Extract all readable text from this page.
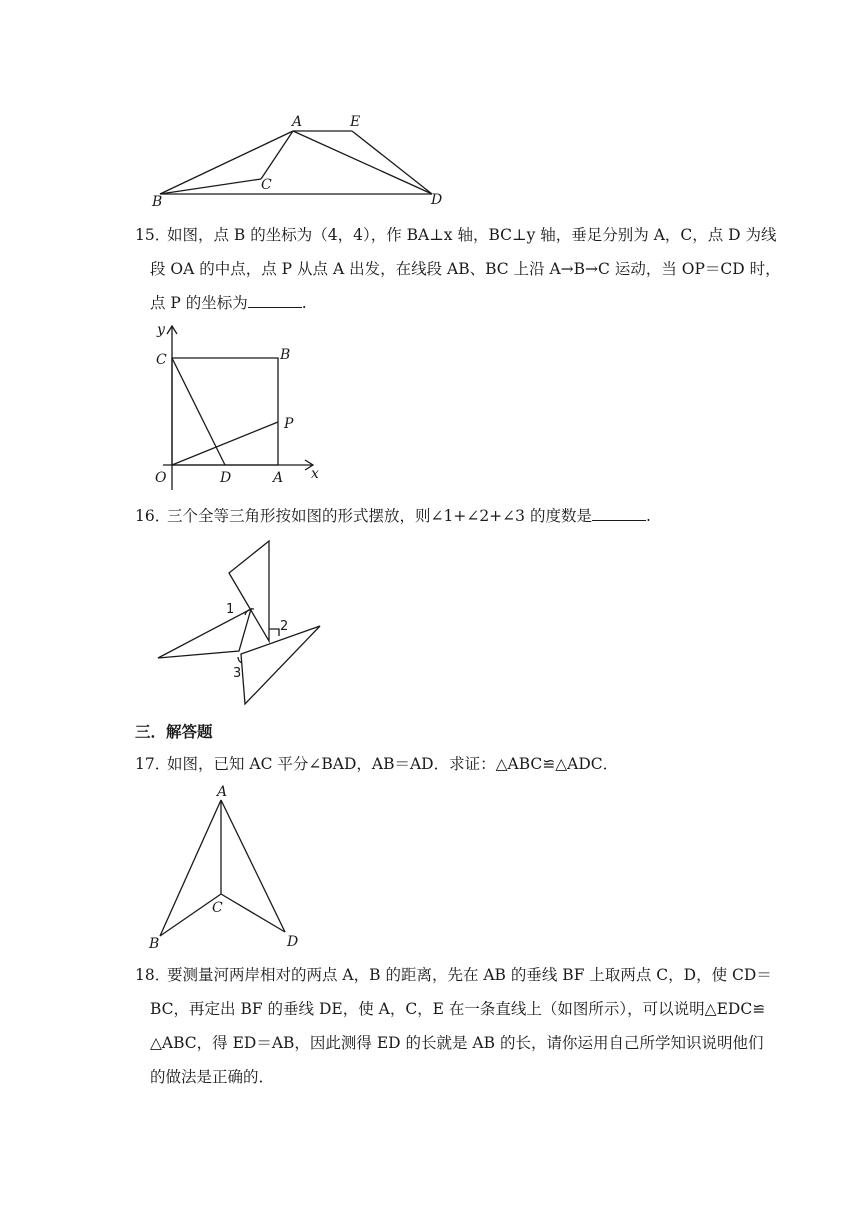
A	E
C
B	D
15．如图，点 B 的坐标为（4，4），作 BA⊥x 轴，BC⊥y 轴，垂足分别为 A，C，点 D 为线
段 OA 的中点，点 P 从点 A 出发，在线段 AB、BC 上沿 A→B→C 运动，当 OP＝CD 时，
点 P 的坐标为	.
y
x
C	B
P
O	D	A
16．三个全等三角形按如图的形式摆放，则∠1+∠2+∠3 的度数是	.
1
2
3
三．解答题
17．如图，已知 AC 平分∠BAD，AB＝AD．求证：△ABC≌△ADC．
A
B
C
D
18．要测量河两岸相对的两点 A，B 的距离，先在 AB 的垂线 BF 上取两点 C，D，使 CD＝
BC，再定出 BF 的垂线 DE，使 A，C，E 在一条直线上（如图所示），可以说明△EDC≌
△ABC，得 ED＝AB，因此测得 ED 的长就是 AB 的长，请你运用自己所学知识说明他们
的做法是正确的．
